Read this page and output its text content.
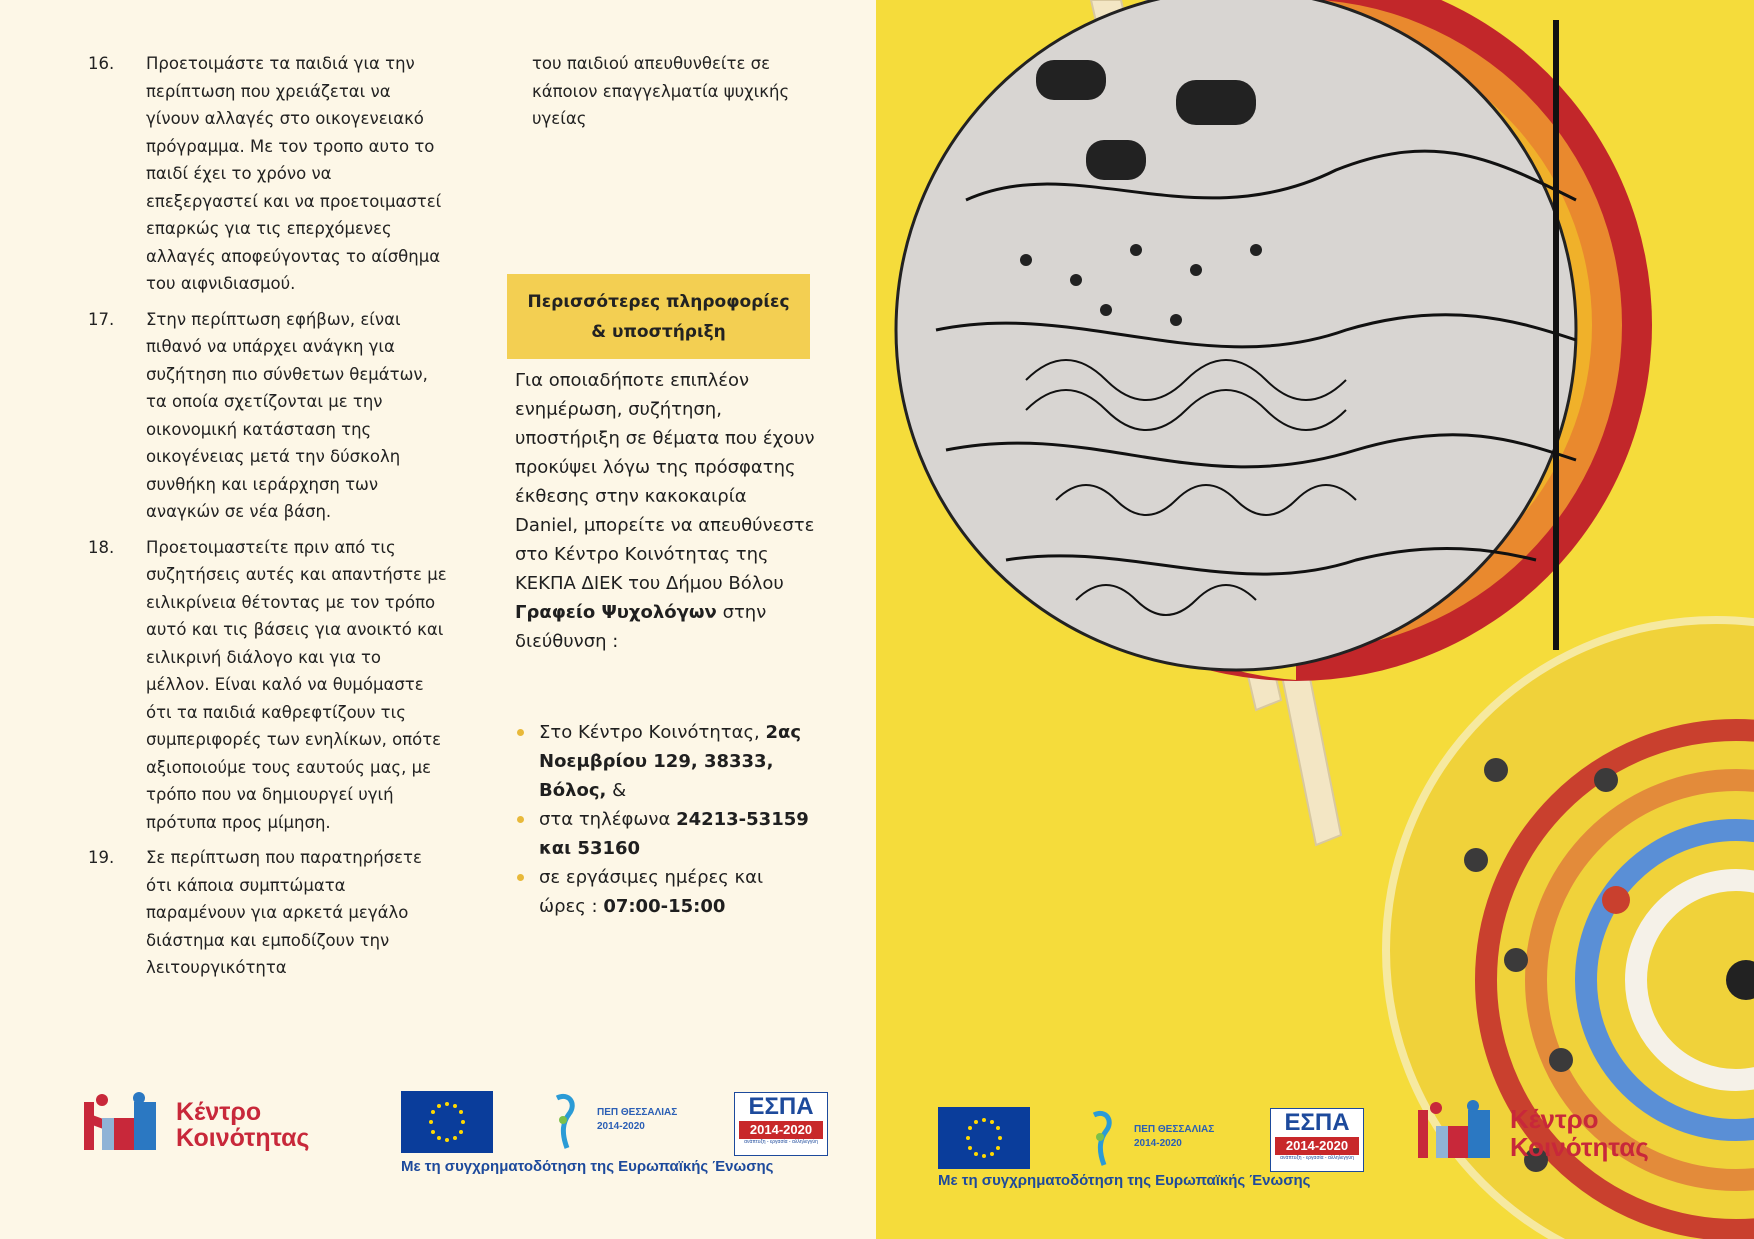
16.	Προετοιμάστε τα παιδιά για την περίπτωση που χρειάζεται να γίνουν αλλαγές στο οικογενειακό πρόγραμμα. Με τον τροπο αυτο το παιδί έχει το χρόνο να επεξεργαστεί και να προετοιμαστεί επαρκώς για τις επερχόμενες αλλαγές αποφεύγοντας το αίσθημα του αιφνιδιασμού.
17.	Στην περίπτωση εφήβων, είναι πιθανό να υπάρχει ανάγκη για συζήτηση πιο σύνθετων θεμάτων, τα οποία σχετίζονται με την οικονομική κατάσταση της οικογένειας μετά την δύσκολη συνθήκη και ιεράρχηση των αναγκών σε νέα βάση.
18.	Προετοιμαστείτε πριν από τις συζητήσεις αυτές και απαντήστε με ειλικρίνεια θέτοντας με τον τρόπο αυτό και τις βάσεις για ανοικτό και ειλικρινή διάλογο και για το μέλλον. Είναι καλό να θυμόμαστε ότι τα παιδιά καθρεφτίζουν τις συμπεριφορές των ενηλίκων, οπότε αξιοποιούμε τους εαυτούς μας, με τρόπο που να δημιουργεί υγιή πρότυπα προς μίμηση.
19.	Σε περίπτωση που παρατηρήσετε ότι κάποια συμπτώματα παραμένουν για αρκετά μεγάλο διάστημα και εμποδίζουν την λειτουργικότητα

του παιδιού απευθυνθείτε σε κάποιον επαγγελματία ψυχικής υγείας

Περισσότερες πληροφορίες
& υποστήριξη
Για οποιαδήποτε επιπλέον ενημέρωση, συζήτηση, υποστήριξη σε θέματα που έχουν προκύψει λόγω της πρόσφατης έκθεσης στην κακοκαιρία Daniel, μπορείτε να απευθύνεστε στο Κέντρο Κοινότητας της ΚΕΚΠΑ ΔΙΕΚ του Δήμου Βόλου Γραφείο Ψυχολόγων στην διεύθυνση :
Στο Κέντρο Κοινότητας, 2ας Νοεμβρίου 129, 38333, Βόλος, &
στα τηλέφωνα 24213-53159 και 53160
σε εργάσιμες ημέρες και ώρες : 07:00-15:00
Κέντρο
Κοινότητας
ΠΕΠ ΘΕΣΣΑΛΙΑΣ
2014-2020
ΕΣΠΑ
2014-2020
ανάπτυξη - εργασία - αλληλεγγύη
Με τη συγχρηματοδότηση της Ευρωπαϊκής Ένωσης
ΠΕΠ ΘΕΣΣΑΛΙΑΣ
2014-2020
ΕΣΠΑ
2014-2020
ανάπτυξη - εργασία - αλληλεγγύη
Με τη συγχρηματοδότηση της Ευρωπαϊκής Ένωσης
Κέντρο
Κοινότητας
